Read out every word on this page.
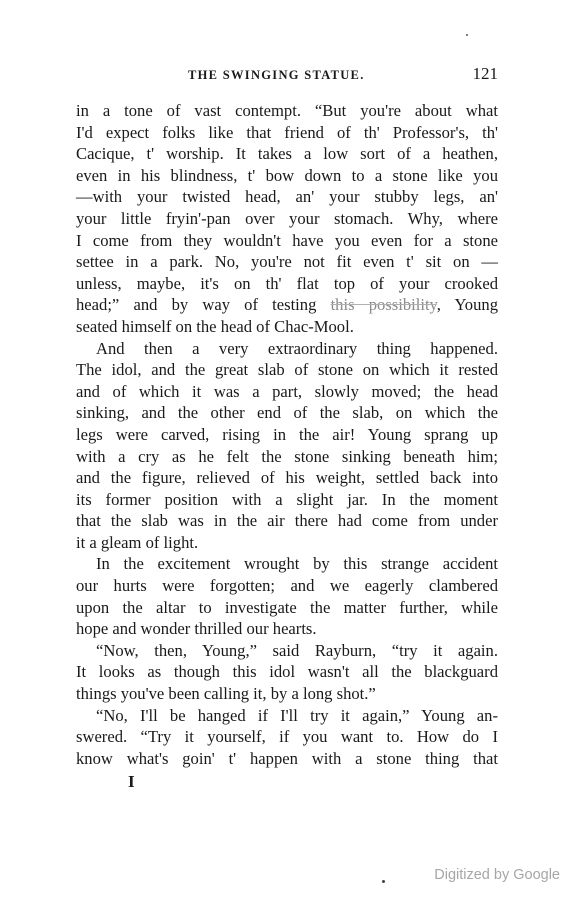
THE SWINGING STATUE.	121
in a tone of vast contempt. “But you're about what
I'd expect folks like that friend of th' Professor's, th'
Cacique, t' worship. It takes a low sort of a heathen,
even in his blindness, t' bow down to a stone like you
—with your twisted head, an' your stubby legs, an'
your little fryin'-pan over your stomach. Why, where
I come from they wouldn't have you even for a stone
settee in a park. No, you're not fit even t' sit on —
unless, maybe, it's on th' flat top of your crooked
head;” and by way of testing this possibility, Young
seated himself on the head of Chac-Mool.
And then a very extraordinary thing happened.
The idol, and the great slab of stone on which it rested
and of which it was a part, slowly moved; the head
sinking, and the other end of the slab, on which the
legs were carved, rising in the air! Young sprang up
with a cry as he felt the stone sinking beneath him;
and the figure, relieved of his weight, settled back into
its former position with a slight jar. In the moment
that the slab was in the air there had come from under
it a gleam of light.
In the excitement wrought by this strange accident
our hurts were forgotten; and we eagerly clambered
upon the altar to investigate the matter further, while
hope and wonder thrilled our hearts.
“Now, then, Young,” said Rayburn, “try it again.
It looks as though this idol wasn't all the blackguard
things you've been calling it, by a long shot.”
“No, I'll be hanged if I'll try it again,” Young an-
swered. “Try it yourself, if you want to. How do I
know what's goin' t' happen with a stone thing that
I
Digitized by Google
